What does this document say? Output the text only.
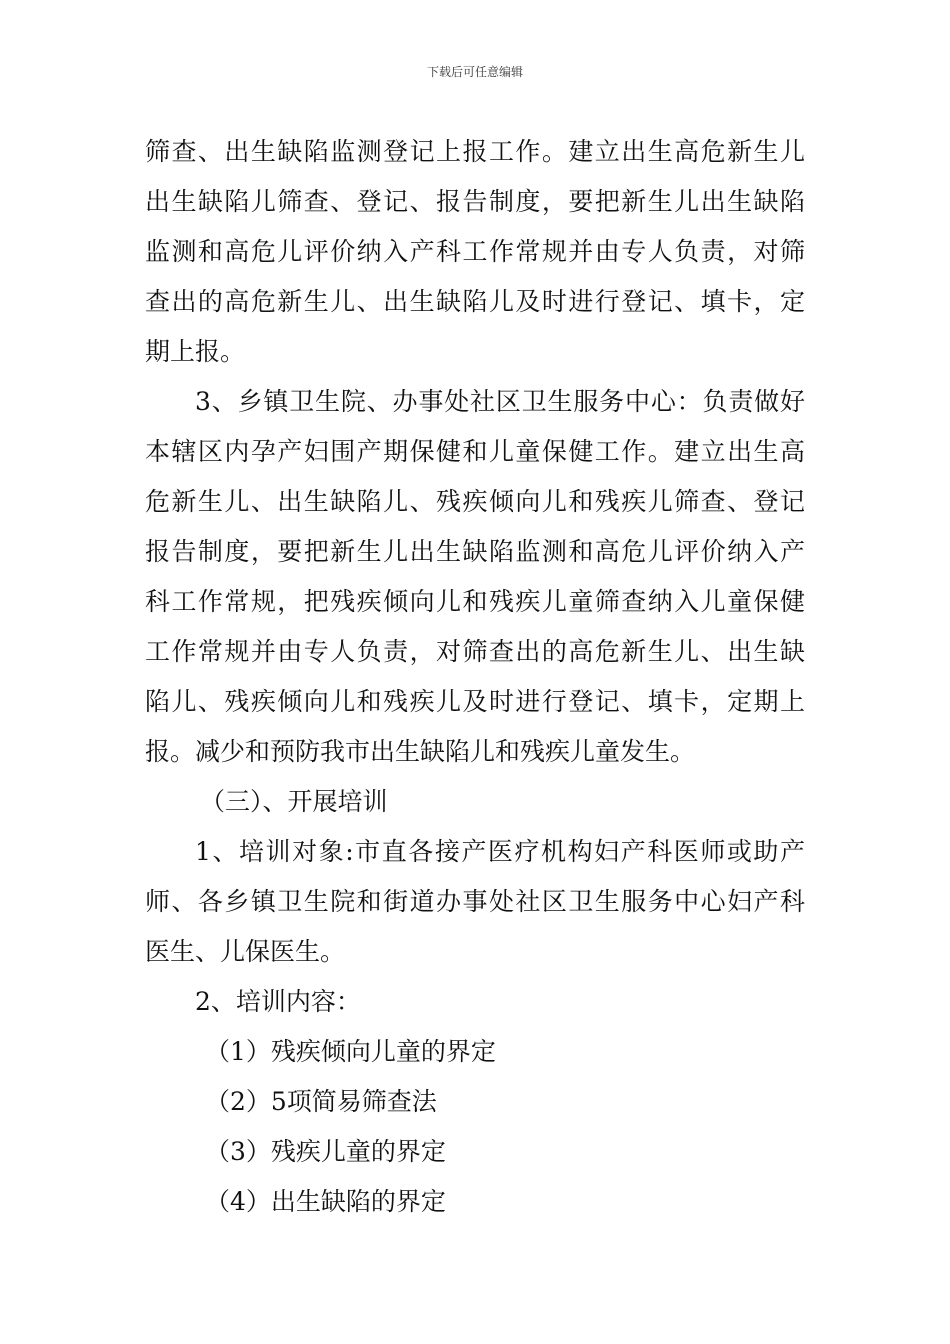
下载后可任意编辑
筛查、出生缺陷监测登记上报工作。建立出生高危新生儿
出生缺陷儿筛查、登记、报告制度，要把新生儿出生缺陷
监测和高危儿评价纳入产科工作常规并由专人负责，对筛
查出的高危新生儿、出生缺陷儿及时进行登记、填卡，定
期上报。
3、乡镇卫生院、办事处社区卫生服务中心：负责做好
本辖区内孕产妇围产期保健和儿童保健工作。建立出生高
危新生儿、出生缺陷儿、残疾倾向儿和残疾儿筛查、登记
报告制度，要把新生儿出生缺陷监测和高危儿评价纳入产
科工作常规，把残疾倾向儿和残疾儿童筛查纳入儿童保健
工作常规并由专人负责，对筛查出的高危新生儿、出生缺
陷儿、残疾倾向儿和残疾儿及时进行登记、填卡，定期上
报。减少和预防我市出生缺陷儿和残疾儿童发生。
（三）、开展培训
1、培训对象:市直各接产医疗机构妇产科医师或助产
师、各乡镇卫生院和街道办事处社区卫生服务中心妇产科
医生、儿保医生。
2、培训内容：
（1）残疾倾向儿童的界定
（2）5项简易筛查法
（3）残疾儿童的界定
（4）出生缺陷的界定
